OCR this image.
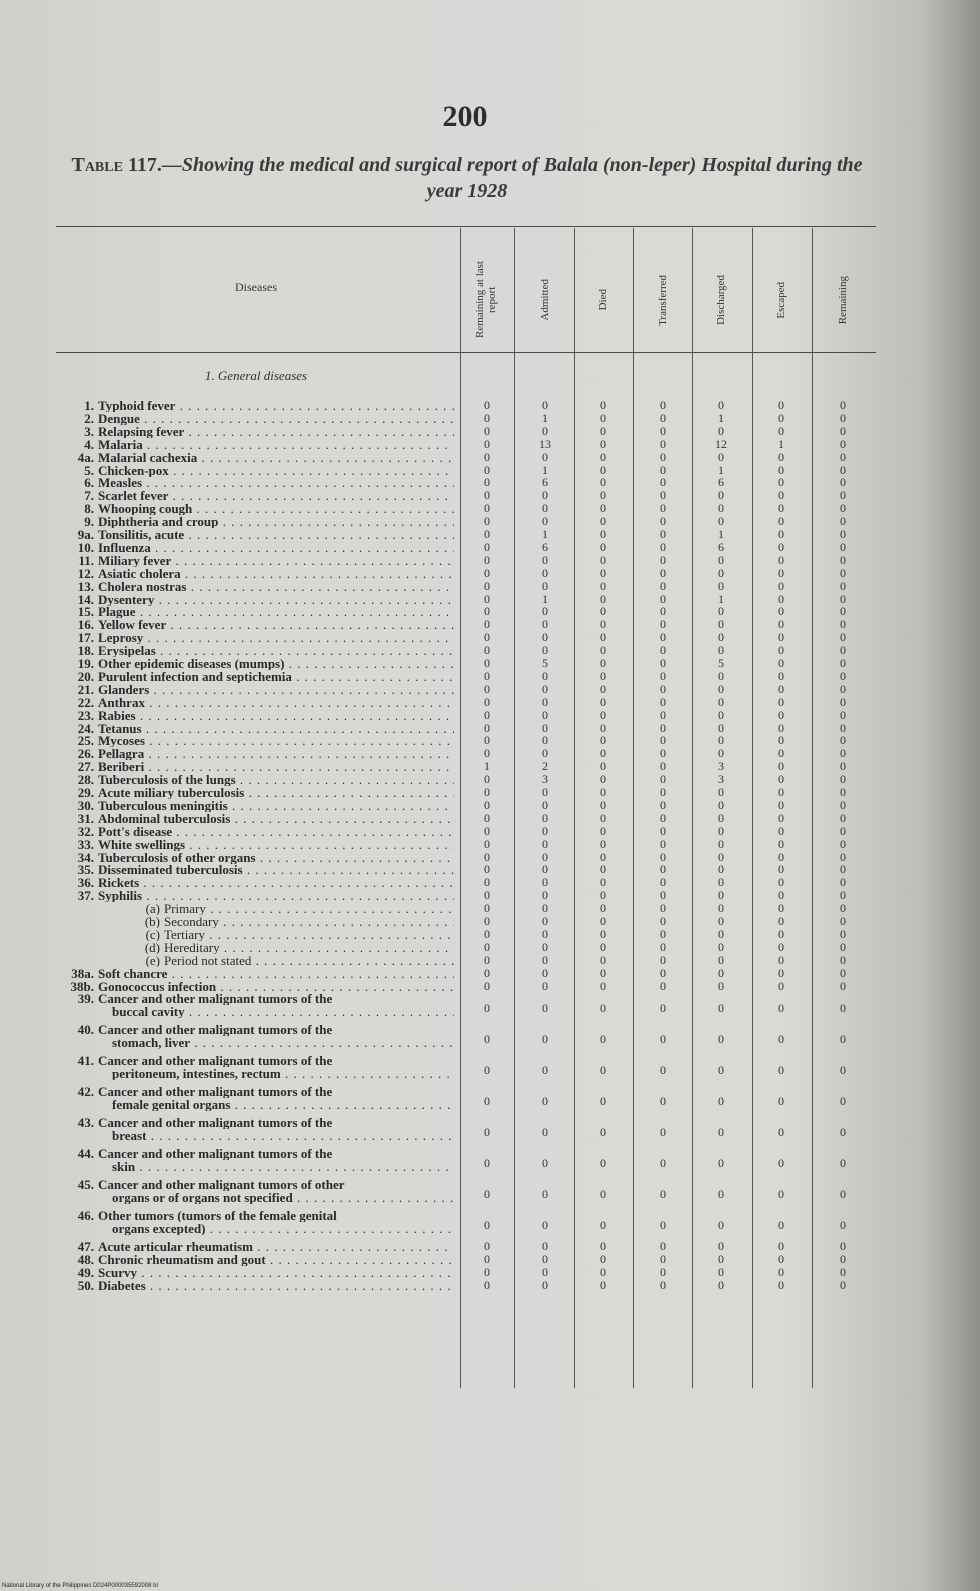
200
Table 117.—Showing the medical and surgical report of Balala (non-leper) Hospital during the year 1928
Diseases	Remaining at last report	Admitted	Died	Transferred	Discharged	Escaped	Remaining
1. General diseases
1. Typhoid fever . . .	0	0	0	0	0	0	0
2. Dengue . . .	0	1	0	0	1	0	0
3. Relapsing fever . . .	0	0	0	0	0	0	0
4. Malaria . . .	0	13	0	0	12	1	0
4a. Malarial cachexia . . .	0	0	0	0	0	0	0
5. Chicken-pox . . .	0	1	0	0	1	0	0
6. Measles . . .	0	6	0	0	6	0	0
7. Scarlet fever . . .	0	0	0	0	0	0	0
8. Whooping cough . . .	0	0	0	0	0	0	0
9. Diphtheria and croup . . .	0	0	0	0	0	0	0
9a. Tonsilitis, acute . . .	0	1	0	0	1	0	0
10. Influenza . . .	0	6	0	0	6	0	0
11. Miliary fever . . .	0	0	0	0	0	0	0
12. Asiatic cholera . . .	0	0	0	0	0	0	0
13. Cholera nostras . . .	0	0	0	0	0	0	0
14. Dysentery . . .	0	1	0	0	1	0	0
15. Plague . . .	0	0	0	0	0	0	0
16. Yellow fever . . .	0	0	0	0	0	0	0
17. Leprosy . . .	0	0	0	0	0	0	0
18. Erysipelas . . .	0	0	0	0	0	0	0
19. Other epidemic diseases (mumps) . . .	0	5	0	0	5	0	0
20. Purulent infection and septichemia . . .	0	0	0	0	0	0	0
21. Glanders . . .	0	0	0	0	0	0	0
22. Anthrax . . .	0	0	0	0	0	0	0
23. Rabies . . .	0	0	0	0	0	0	0
24. Tetanus . . .	0	0	0	0	0	0	0
25. Mycoses . . .	0	0	0	0	0	0	0
26. Pellagra . . .	0	0	0	0	0	0	0
27. Beriberi . . .	1	2	0	0	3	0	0
28. Tuberculosis of the lungs . . .	0	3	0	0	3	0	0
29. Acute miliary tuberculosis . . .	0	0	0	0	0	0	0
30. Tuberculous meningitis . . .	0	0	0	0	0	0	0
31. Abdominal tuberculosis . . .	0	0	0	0	0	0	0
32. Pott's disease . . .	0	0	0	0	0	0	0
33. White swellings . . .	0	0	0	0	0	0	0
34. Tuberculosis of other organs . . .	0	0	0	0	0	0	0
35. Disseminated tuberculosis . . .	0	0	0	0	0	0	0
36. Rickets . . .	0	0	0	0	0	0	0
37. Syphilis . . .	0	0	0	0	0	0	0
(a) Primary . . .	0	0	0	0	0	0	0
(b) Secondary . . .	0	0	0	0	0	0	0
(c) Tertiary . . .	0	0	0	0	0	0	0
(d) Hereditary . . .	0	0	0	0	0	0	0
(e) Period not stated . . .	0	0	0	0	0	0	0
38a. Soft chancre . . .	0	0	0	0	0	0	0
38b. Gonococcus infection . . .	0	0	0	0	0	0	0
39. Cancer and other malignant tumors of the
buccal cavity . . .	0	0	0	0	0	0	0
40. Cancer and other malignant tumors of the
stomach, liver . . .	0	0	0	0	0	0	0
41. Cancer and other malignant tumors of the
peritoneum, intestines, rectum . . .	0	0	0	0	0	0	0
42. Cancer and other malignant tumors of the
female genital organs . . .	0	0	0	0	0	0	0
43. Cancer and other malignant tumors of the
breast . . .	0	0	0	0	0	0	0
44. Cancer and other malignant tumors of the
skin . . .	0	0	0	0	0	0	0
45. Cancer and other malignant tumors of other
organs or of organs not specified . . .	0	0	0	0	0	0	0
46. Other tumors (tumors of the female genital
organs excepted) . . .	0	0	0	0	0	0	0
47. Acute articular rheumatism . . .	0	0	0	0	0	0	0
48. Chronic rheumatism and gout . . .	0	0	0	0	0	0	0
49. Scurvy . . .	0	0	0	0	0	0	0
50. Diabetes . . .	0	0	0	0	0	0	0
National Library of the Philippines D024P000035592008 bl
